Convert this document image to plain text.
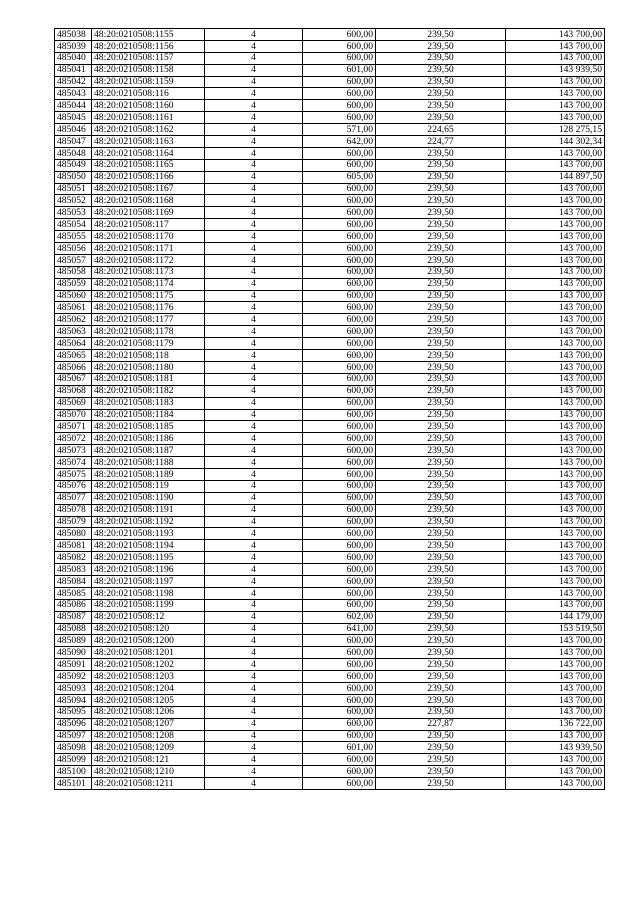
485038	48:20:0210508:1155	4	600,00	239,50	143 700,00
485039	48:20:0210508:1156	4	600,00	239,50	143 700,00
485040	48:20:0210508:1157	4	600,00	239,50	143 700,00
485041	48:20:0210508:1158	4	601,00	239,50	143 939,50
485042	48:20:0210508:1159	4	600,00	239,50	143 700,00
485043	48:20:0210508:116	4	600,00	239,50	143 700,00
485044	48:20:0210508:1160	4	600,00	239,50	143 700,00
485045	48:20:0210508:1161	4	600,00	239,50	143 700,00
485046	48:20:0210508:1162	4	571,00	224,65	128 275,15
485047	48:20:0210508:1163	4	642,00	224,77	144 302,34
485048	48:20:0210508:1164	4	600,00	239,50	143 700,00
485049	48:20:0210508:1165	4	600,00	239,50	143 700,00
485050	48:20:0210508:1166	4	605,00	239,50	144 897,50
485051	48:20:0210508:1167	4	600,00	239,50	143 700,00
485052	48:20:0210508:1168	4	600,00	239,50	143 700,00
485053	48:20:0210508:1169	4	600,00	239,50	143 700,00
485054	48:20:0210508:117	4	600,00	239,50	143 700,00
485055	48:20:0210508:1170	4	600,00	239,50	143 700,00
485056	48:20:0210508:1171	4	600,00	239,50	143 700,00
485057	48:20:0210508:1172	4	600,00	239,50	143 700,00
485058	48:20:0210508:1173	4	600,00	239,50	143 700,00
485059	48:20:0210508:1174	4	600,00	239,50	143 700,00
485060	48:20:0210508:1175	4	600,00	239,50	143 700,00
485061	48:20:0210508:1176	4	600,00	239,50	143 700,00
485062	48:20:0210508:1177	4	600,00	239,50	143 700,00
485063	48:20:0210508:1178	4	600,00	239,50	143 700,00
485064	48:20:0210508:1179	4	600,00	239,50	143 700,00
485065	48:20:0210508:118	4	600,00	239,50	143 700,00
485066	48:20:0210508:1180	4	600,00	239,50	143 700,00
485067	48:20:0210508:1181	4	600,00	239,50	143 700,00
485068	48:20:0210508:1182	4	600,00	239,50	143 700,00
485069	48:20:0210508:1183	4	600,00	239,50	143 700,00
485070	48:20:0210508:1184	4	600,00	239,50	143 700,00
485071	48:20:0210508:1185	4	600,00	239,50	143 700,00
485072	48:20:0210508:1186	4	600,00	239,50	143 700,00
485073	48:20:0210508:1187	4	600,00	239,50	143 700,00
485074	48:20:0210508:1188	4	600,00	239,50	143 700,00
485075	48:20:0210508:1189	4	600,00	239,50	143 700,00
485076	48:20:0210508:119	4	600,00	239,50	143 700,00
485077	48:20:0210508:1190	4	600,00	239,50	143 700,00
485078	48:20:0210508:1191	4	600,00	239,50	143 700,00
485079	48:20:0210508:1192	4	600,00	239,50	143 700,00
485080	48:20:0210508:1193	4	600,00	239,50	143 700,00
485081	48:20:0210508:1194	4	600,00	239,50	143 700,00
485082	48:20:0210508:1195	4	600,00	239,50	143 700,00
485083	48:20:0210508:1196	4	600,00	239,50	143 700,00
485084	48:20:0210508:1197	4	600,00	239,50	143 700,00
485085	48:20:0210508:1198	4	600,00	239,50	143 700,00
485086	48:20:0210508:1199	4	600,00	239,50	143 700,00
485087	48:20:0210508:12	4	602,00	239,50	144 179,00
485088	48:20:0210508:120	4	641,00	239,50	153 519,50
485089	48:20:0210508:1200	4	600,00	239,50	143 700,00
485090	48:20:0210508:1201	4	600,00	239,50	143 700,00
485091	48:20:0210508:1202	4	600,00	239,50	143 700,00
485092	48:20:0210508:1203	4	600,00	239,50	143 700,00
485093	48:20:0210508:1204	4	600,00	239,50	143 700,00
485094	48:20:0210508:1205	4	600,00	239,50	143 700,00
485095	48:20:0210508:1206	4	600,00	239,50	143 700,00
485096	48:20:0210508:1207	4	600,00	227,87	136 722,00
485097	48:20:0210508:1208	4	600,00	239,50	143 700,00
485098	48:20:0210508:1209	4	601,00	239,50	143 939,50
485099	48:20:0210508:121	4	600,00	239,50	143 700,00
485100	48:20:0210508:1210	4	600,00	239,50	143 700,00
485101	48:20:0210508:1211	4	600,00	239,50	143 700,00
